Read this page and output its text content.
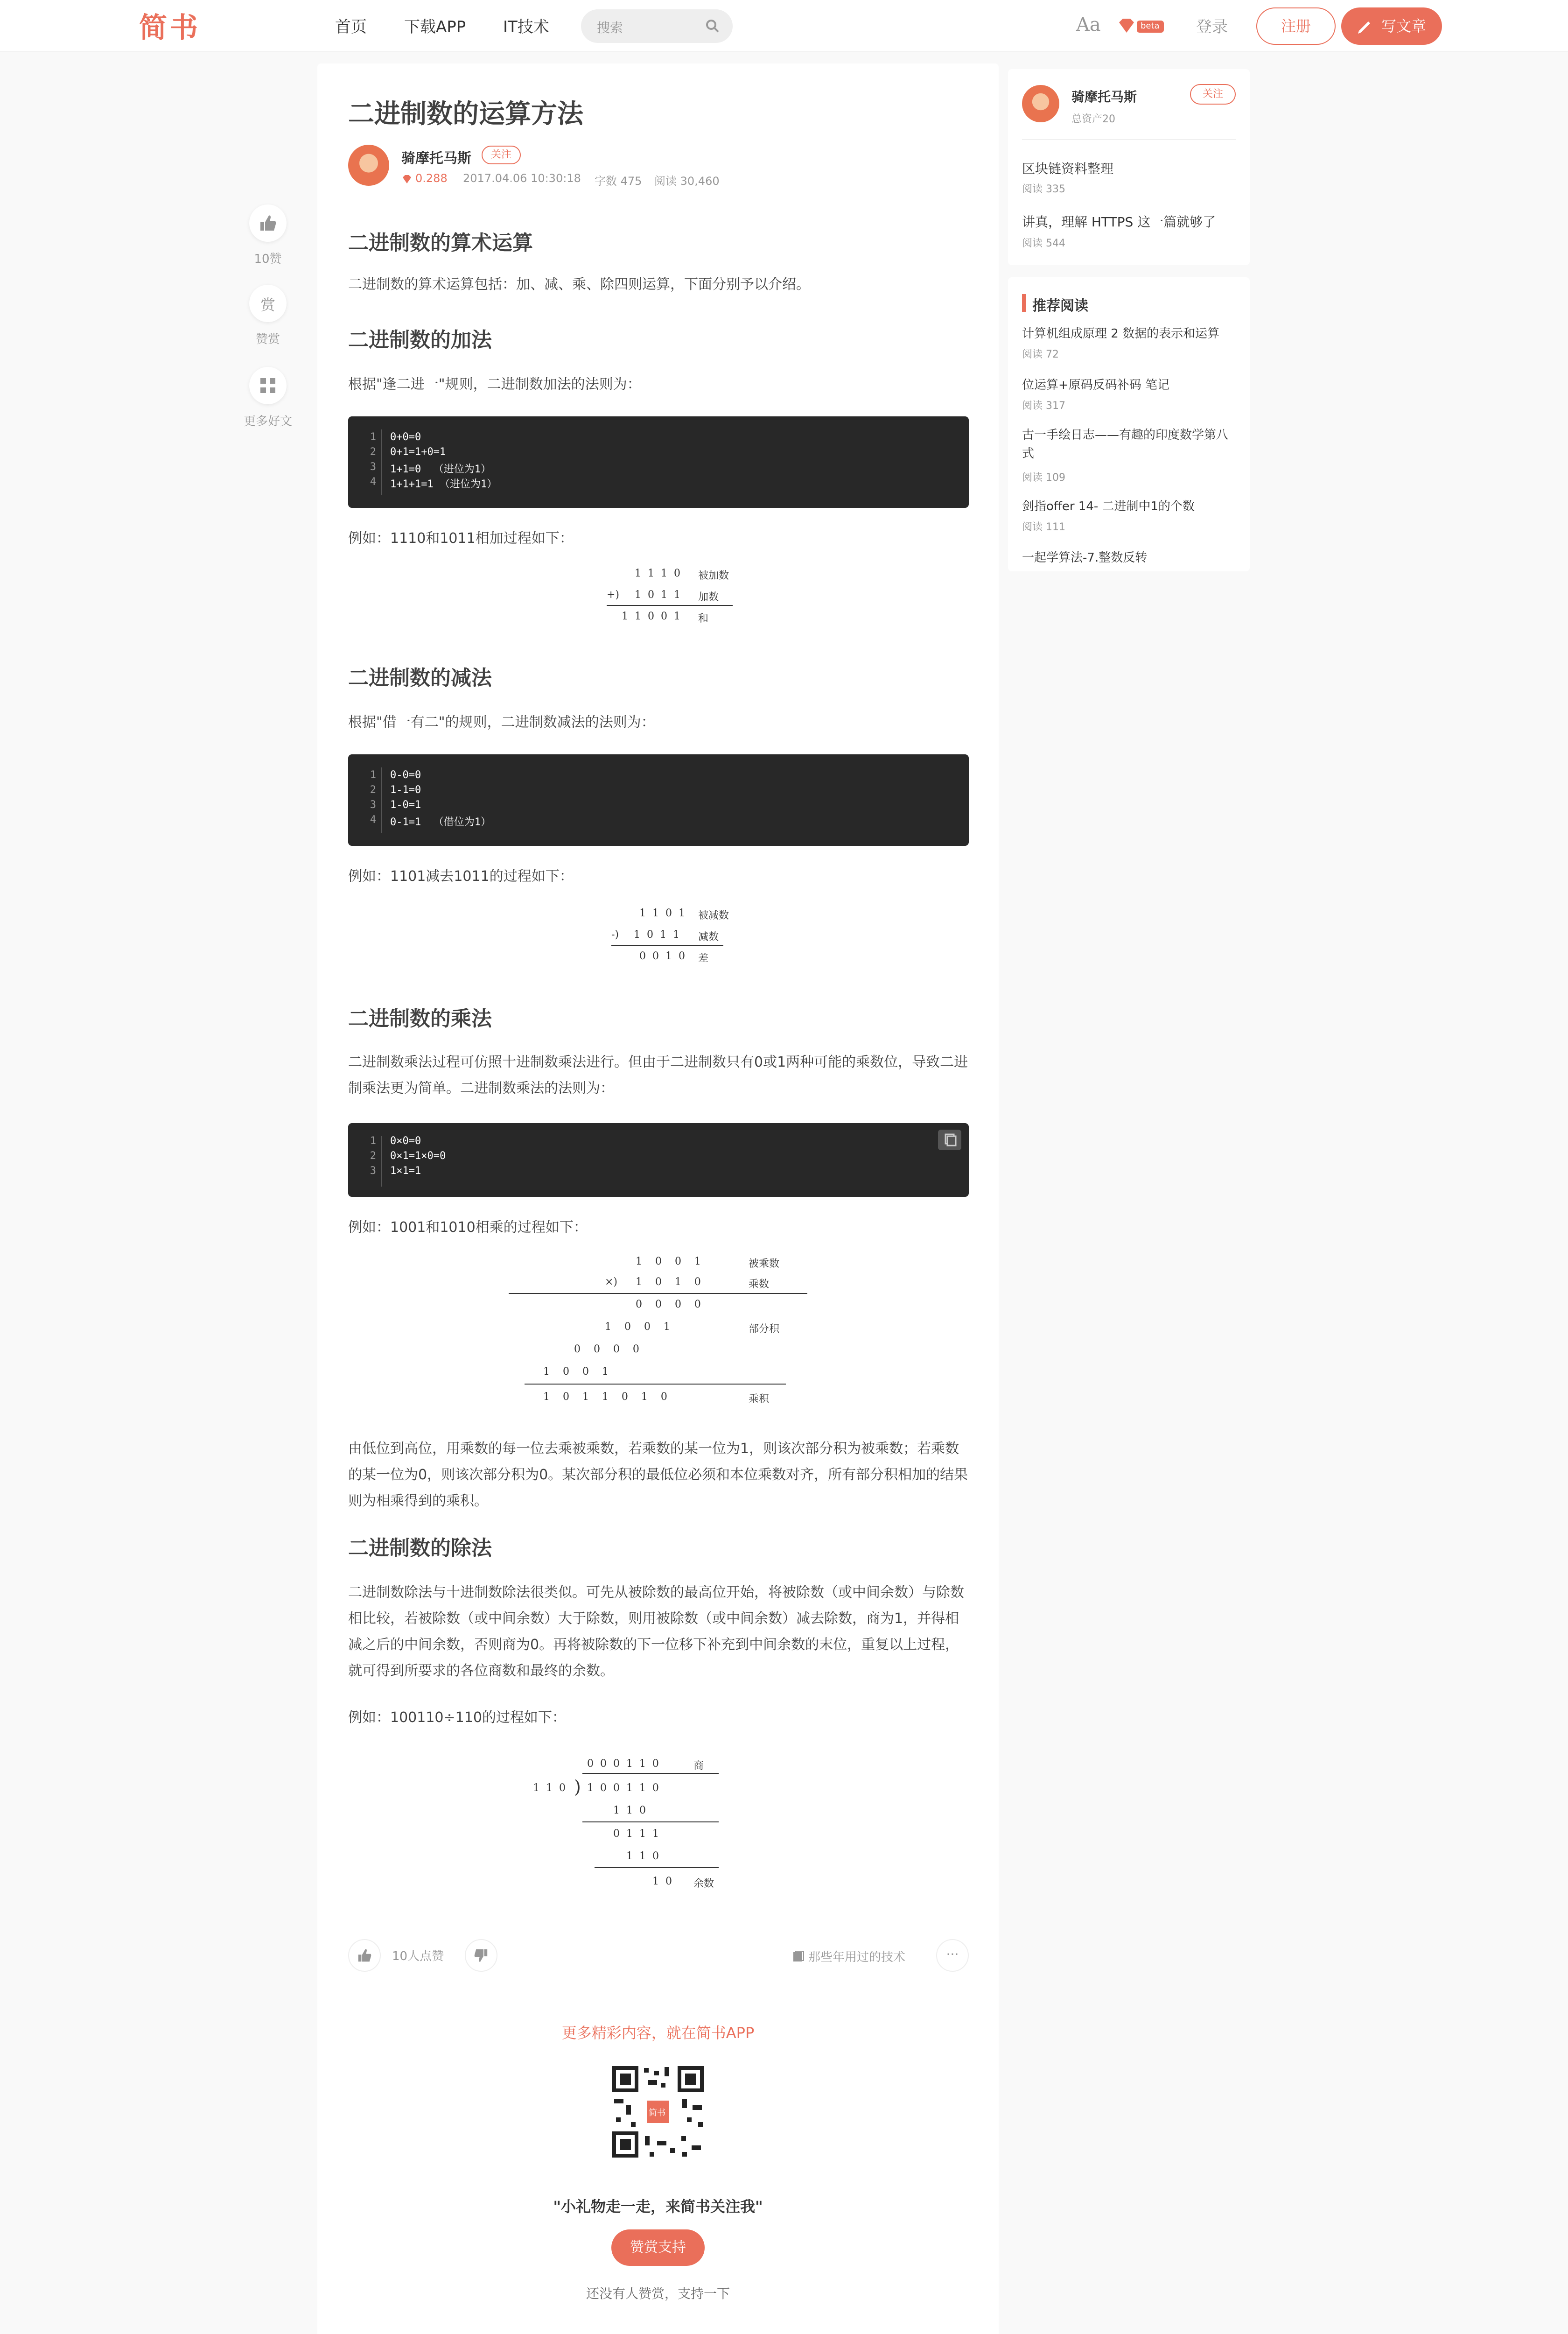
简书	首页 下载APP IT技术	搜索	Aa	beta 登录	注册	写文章
10赞
赏
赞赏
更多好文
二进制数的运算方法
骑摩托马斯	关注
0.288 2017.04.06 10:30:18 字数 475 阅读 30,460
二进制数的算术运算
二进制数的算术运算包括：加、减、乘、除四则运算，下面分别予以介绍。
二进制数的加法
根据"逢二进一"规则，二进制数加法的法则为：
1 0+0=0
2 0+1=1+0=1
3 1+1=0  （进位为1）
4 1+1+1=1 （进位为1）
例如：1110和1011相加过程如下：
1  1  1  0 被加数
+) 1  0  1  1 加数
1  1  0  0  1 和
二进制数的减法
根据"借一有二"的规则，二进制数减法的法则为：
1 0-0=0
2 1-1=0
3 1-0=1
4 0-1=1  （借位为1）
例如：1101减去1011的过程如下：
1  1  0  1 被减数
-) 1  0  1  1 减数
0  0  1  0 差
二进制数的乘法
二进制数乘法过程可仿照十进制数乘法进行。但由于二进制数只有0或1两种可能的乘数位，导致二进制乘法更为简单。二进制数乘法的法则为：
1 0×0=0
2 0×1=1×0=0
3 1×1=1
例如：1001和1010相乘的过程如下：
1    0    0    1	被乘数
×) 1    0    1    0	乘数
0    0    0    0
1    0    0    1	部分积
0    0    0    0
1    0    0    1
1    0    1    1    0    1    0	乘积
由低位到高位，用乘数的每一位去乘被乘数，若乘数的某一位为1，则该次部分积为被乘数；若乘数的某一位为0，则该次部分积为0。某次部分积的最低位必须和本位乘数对齐，所有部分积相加的结果则为相乘得到的乘积。
二进制数的除法
二进制数除法与十进制数除法很类似。可先从被除数的最高位开始，将被除数（或中间余数）与除数相比较，若被除数（或中间余数）大于除数，则用被除数（或中间余数）减去除数，商为1，并得相减之后的中间余数，否则商为0。再将被除数的下一位移下补充到中间余数的末位，重复以上过程，就可得到所要求的各位商数和最终的余数。
例如：100110÷110的过程如下：
0  0  0  1  1  0	商
1  1  0 ) 1  0  0  1  1  0
1  1  0
0  1  1  1
1  1  0
1  0 余数
10人点赞	那些年用过的技术	···
更多精彩内容，就在简书APP
简书
"小礼物走一走，来简书关注我"
赞赏支持
还没有人赞赏，支持一下
骑摩托马斯
总资产20
关注
区块链资料整理
阅读 335
讲真，理解 HTTPS 这一篇就够了
阅读 544
推荐阅读
计算机组成原理 2 数据的表示和运算
阅读 72
位运算+原码反码补码 笔记
阅读 317
古一手绘日志——有趣的印度数学第八式
阅读 109
剑指offer 14- 二进制中1的个数
阅读 111
一起学算法-7.整数反转
